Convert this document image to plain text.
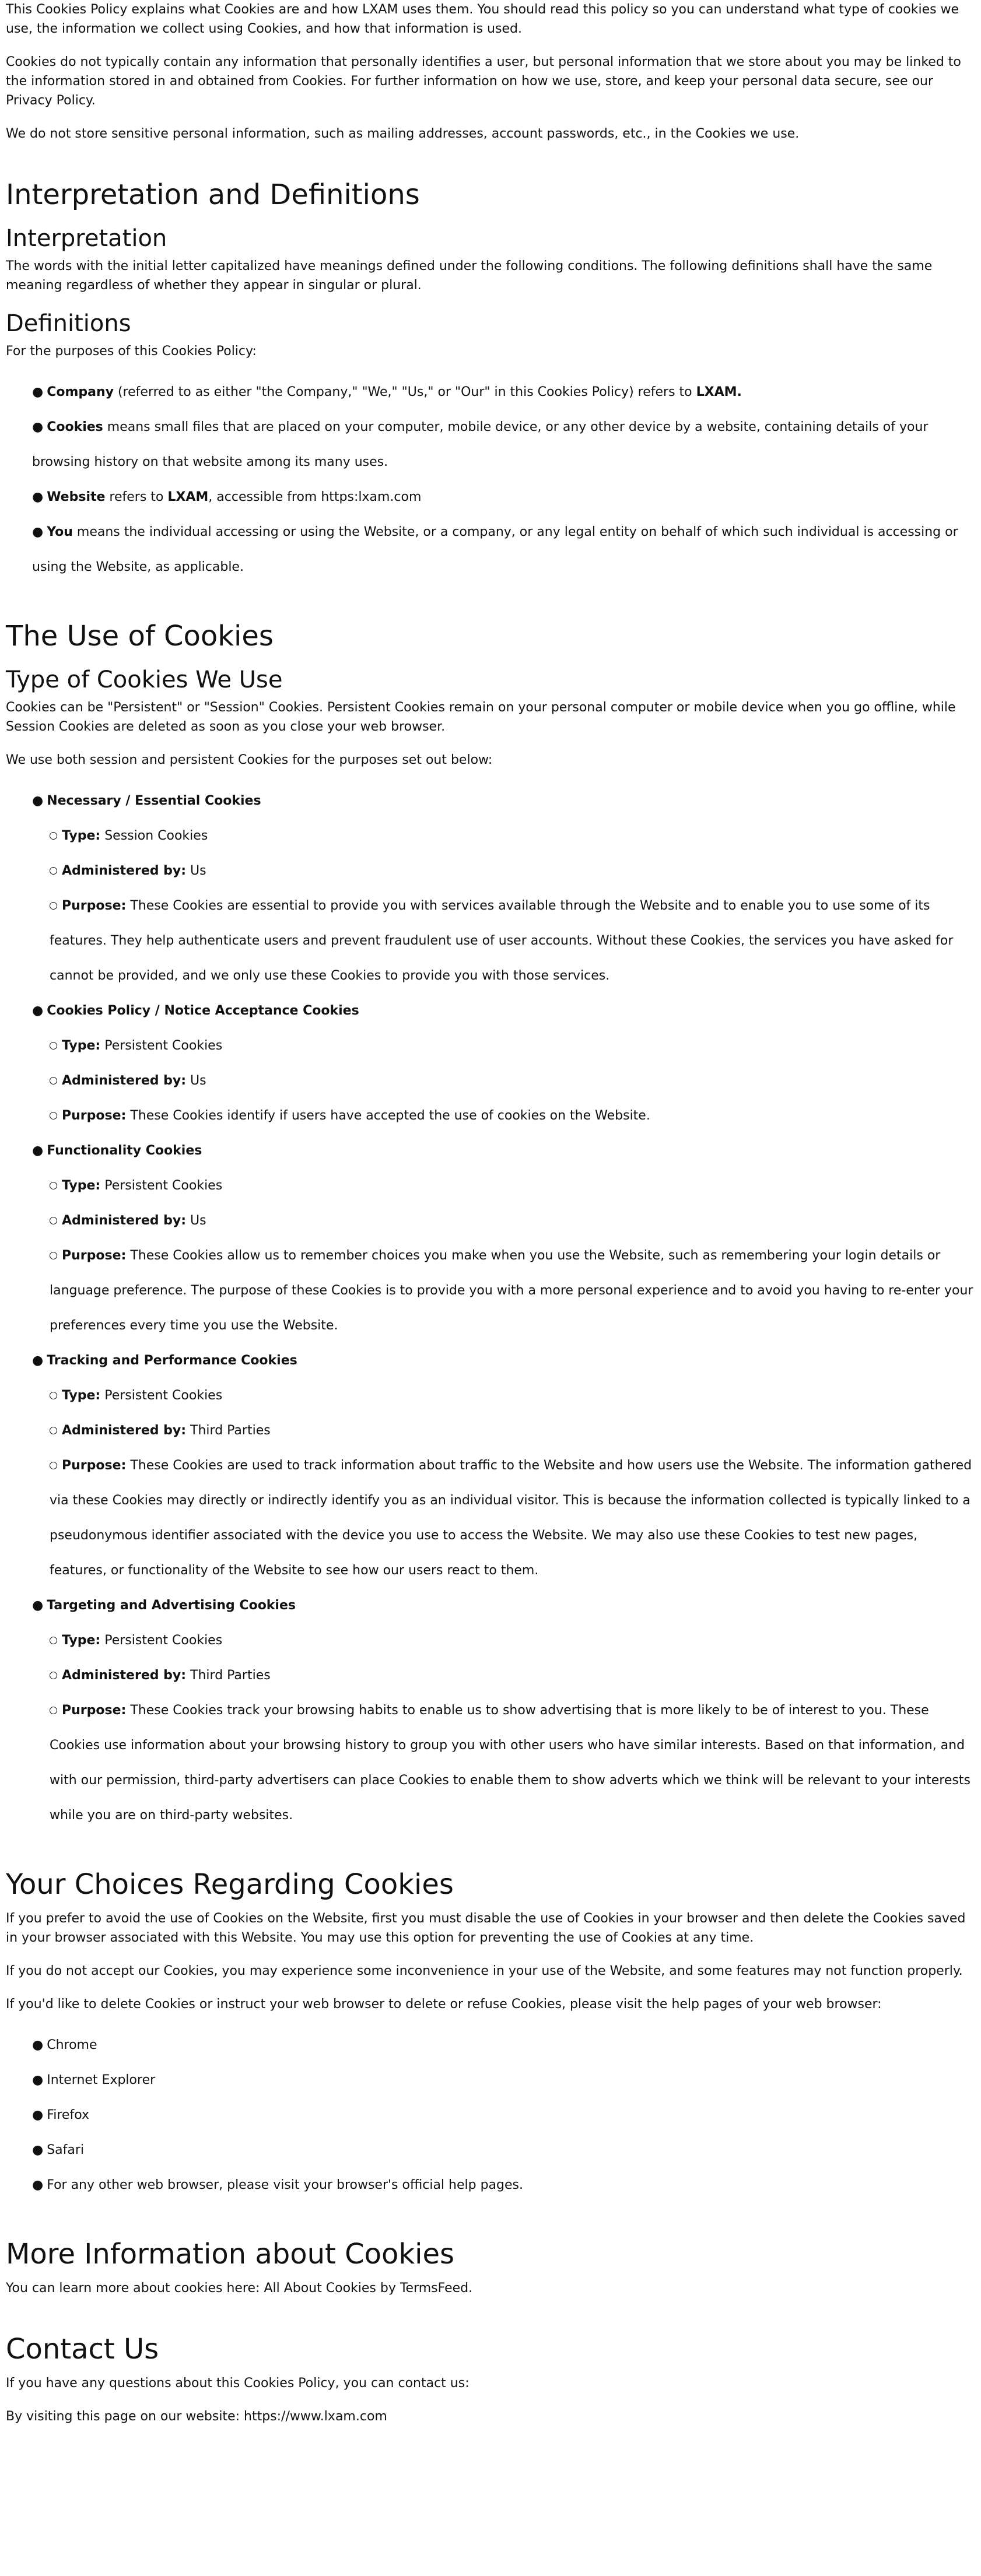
This Cookies Policy explains what Cookies are and how LXAM uses them. You should read this policy so you can understand what type of cookies we use, the information we collect using Cookies, and how that information is used.

Cookies do not typically contain any information that personally identifies a user, but personal information that we store about you may be linked to the information stored in and obtained from Cookies. For further information on how we use, store, and keep your personal data secure, see our Privacy Policy.

We do not store sensitive personal information, such as mailing addresses, account passwords, etc., in the Cookies we use.

Interpretation and Definitions
Interpretation

The words with the initial letter capitalized have meanings defined under the following conditions. The following definitions shall have the same meaning regardless of whether they appear in singular or plural.

Definitions

For the purposes of this Cookies Policy:

● Company (referred to as either "the Company," "We," "Us," or "Our" in this Cookies Policy) refers to LXAM.
● Cookies means small files that are placed on your computer, mobile device, or any other device by a website, containing details of your browsing history on that website among its many uses.
● Website refers to LXAM, accessible from https:lxam.com
● You means the individual accessing or using the Website, or a company, or any legal entity on behalf of which such individual is accessing or using the Website, as applicable.
The Use of Cookies
Type of Cookies We Use

Cookies can be "Persistent" or "Session" Cookies. Persistent Cookies remain on your personal computer or mobile device when you go offline, while Session Cookies are deleted as soon as you close your web browser.

We use both session and persistent Cookies for the purposes set out below:

● Necessary / Essential Cookies
Type: Session Cookies
Administered by: Us
Purpose: These Cookies are essential to provide you with services available through the Website and to enable you to use some of its features. They help authenticate users and prevent fraudulent use of user accounts. Without these Cookies, the services you have asked for cannot be provided, and we only use these Cookies to provide you with those services.
● Cookies Policy / Notice Acceptance Cookies
Type: Persistent Cookies
Administered by: Us
Purpose: These Cookies identify if users have accepted the use of cookies on the Website.
● Functionality Cookies
Type: Persistent Cookies
Administered by: Us
Purpose: These Cookies allow us to remember choices you make when you use the Website, such as remembering your login details or language preference. The purpose of these Cookies is to provide you with a more personal experience and to avoid you having to re-enter your preferences every time you use the Website.
● Tracking and Performance Cookies
Type: Persistent Cookies
Administered by: Third Parties
Purpose: These Cookies are used to track information about traffic to the Website and how users use the Website. The information gathered via these Cookies may directly or indirectly identify you as an individual visitor. This is because the information collected is typically linked to a pseudonymous identifier associated with the device you use to access the Website. We may also use these Cookies to test new pages, features, or functionality of the Website to see how our users react to them.
● Targeting and Advertising Cookies
Type: Persistent Cookies
Administered by: Third Parties
Purpose: These Cookies track your browsing habits to enable us to show advertising that is more likely to be of interest to you. These Cookies use information about your browsing history to group you with other users who have similar interests. Based on that information, and with our permission, third-party advertisers can place Cookies to enable them to show adverts which we think will be relevant to your interests while you are on third-party websites.
Your Choices Regarding Cookies

If you prefer to avoid the use of Cookies on the Website, first you must disable the use of Cookies in your browser and then delete the Cookies saved in your browser associated with this Website. You may use this option for preventing the use of Cookies at any time.

If you do not accept our Cookies, you may experience some inconvenience in your use of the Website, and some features may not function properly.

If you'd like to delete Cookies or instruct your web browser to delete or refuse Cookies, please visit the help pages of your web browser:

● Chrome
● Internet Explorer
● Firefox
● Safari
● For any other web browser, please visit your browser's official help pages.
More Information about Cookies

You can learn more about cookies here: All About Cookies by TermsFeed.

Contact Us

If you have any questions about this Cookies Policy, you can contact us:

By visiting this page on our website: https://www.lxam.com
